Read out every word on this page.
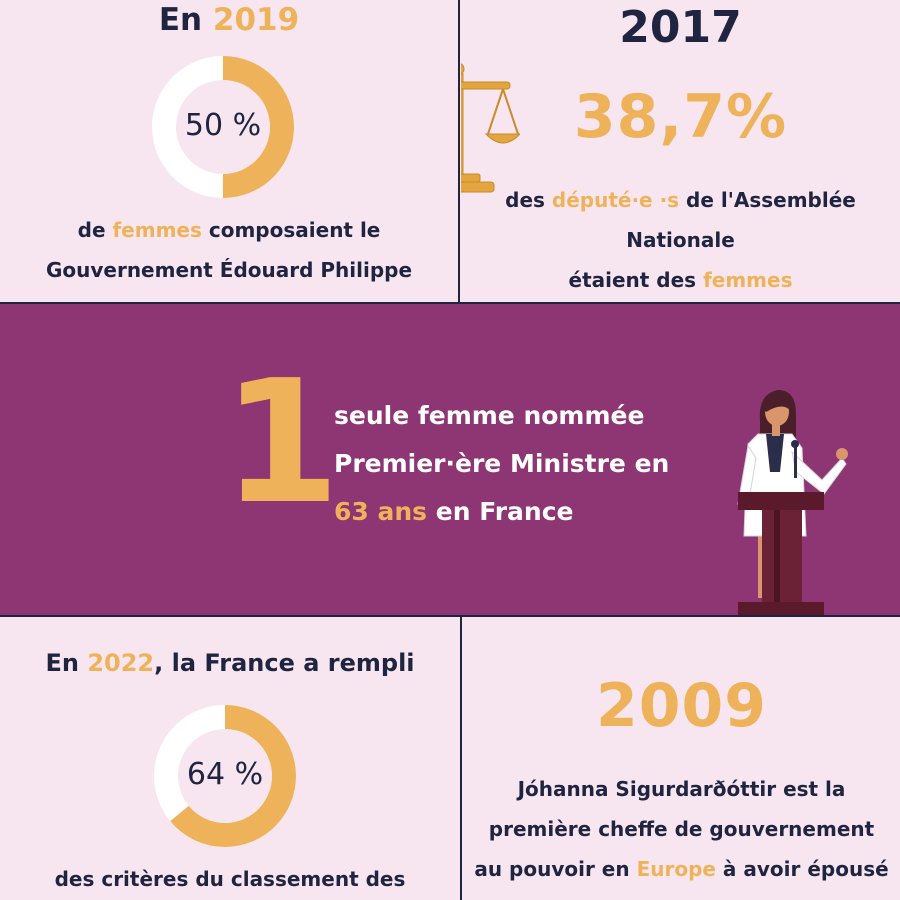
En 2019
50 %
de femmes composaient le
Gouvernement Édouard Philippe
2017
38,7%
des député·e ·s de l'Assemblée
Nationale
étaient des femmes
1
seule femme nommée
Premier·ère Ministre en
63 ans en France
En 2022, la France a rempli
64 %
des critères du classement des
2009
Jóhanna Sigurdarðóttir est la
première cheffe de gouvernement
au pouvoir en Europe à avoir épousé
